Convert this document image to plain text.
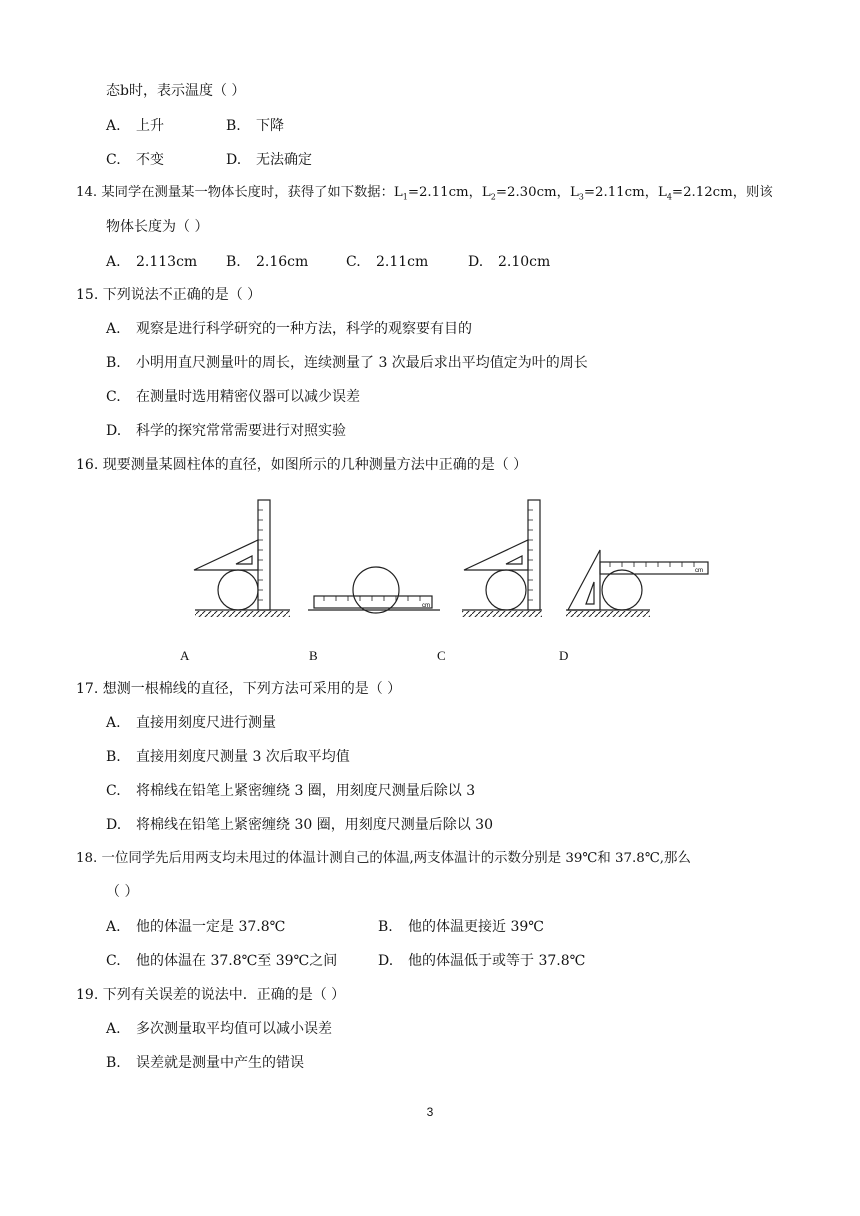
态b时，表示温度（ ）
A. 上升	B. 下降
C. 不变	D. 无法确定
14. 某同学在测量某一物体长度时，获得了如下数据：$L_1=2.11cm$，$L_2=2.30cm$，$L_3=2.11cm$，$L_4=2.12cm$，则该
物体长度为（ ）
A. 2.113cm B. 2.16cm	C. 2.11cm	D. 2.10cm
15. 下列说法不正确的是（ ）
A. 观察是进行科学研究的一种方法，科学的观察要有目的
B. 小明用直尺测量叶的周长，连续测量了 3 次最后求出平均值定为叶的周长
C. 在测量时选用精密仪器可以减少误差
D. 科学的探究常常需要进行对照实验
16. 现要测量某圆柱体的直径，如图所示的几种测量方法中正确的是（ ）
cm
cm
A	B	C	D
17. 想测一根棉线的直径，下列方法可采用的是（ ）
A. 直接用刻度尺进行测量
B. 直接用刻度尺测量 3 次后取平均值
C. 将棉线在铅笔上紧密缠绕 3 圈，用刻度尺测量后除以 3
D. 将棉线在铅笔上紧密缠绕 30 圈，用刻度尺测量后除以 30
18. 一位同学先后用两支均未甩过的体温计测自己的体温,两支体温计的示数分别是 39℃和 37.8℃,那么
（ ）
A. 他的体温一定是 37.8℃	B. 他的体温更接近 39℃
C. 他的体温在 37.8℃至 39℃之间	D. 他的体温低于或等于 37.8℃
19. 下列有关误差的说法中．正确的是（ ）
A. 多次测量取平均值可以减小误差
B. 误差就是测量中产生的错误
3
